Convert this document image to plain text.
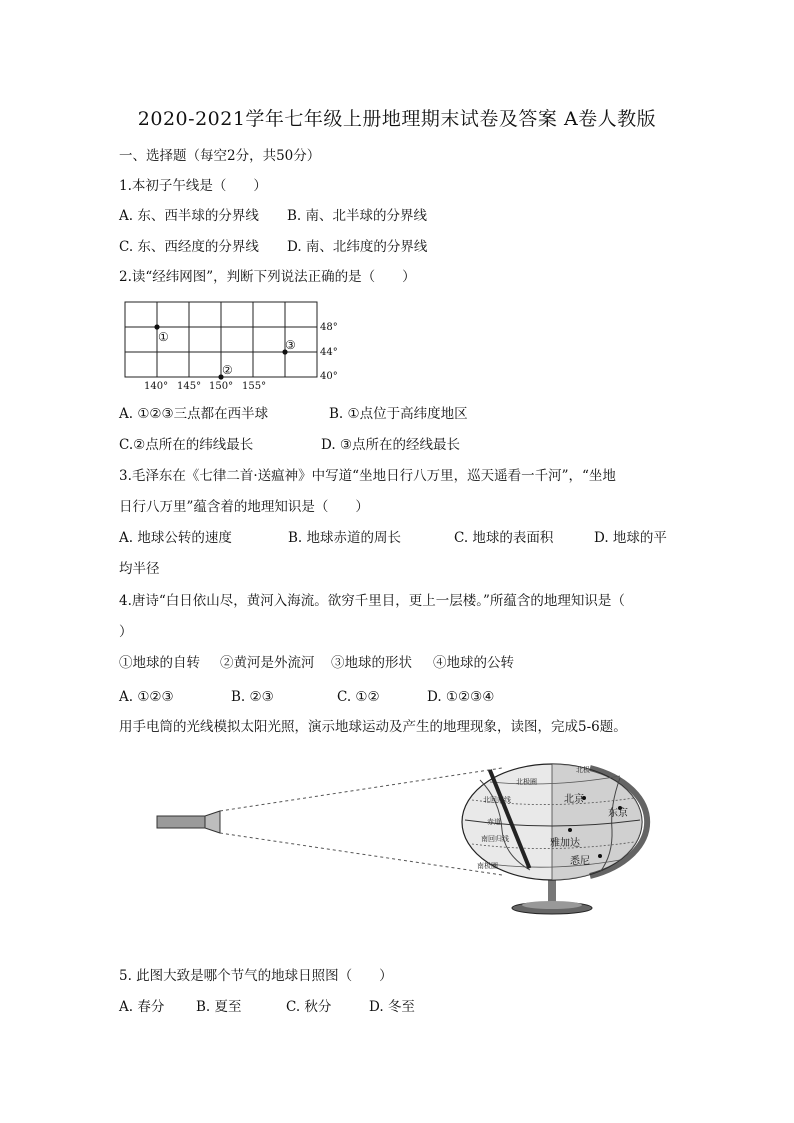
2020-2021学年七年级上册地理期末试卷及答案 A卷人教版
一、选择题（每空2分，共50分）
1.本初子午线是（　　）
A. 东、西半球的分界线 B. 南、北半球的分界线
C. 东、西经度的分界线 D. 南、北纬度的分界线
2.读“经纬网图”，判断下列说法正确的是（　　）
①
②
③
48°
44°
40°
140° 145° 150° 155°
A. ①②③三点都在西半球	B. ①点位于高纬度地区
C.②点所在的纬线最长	D. ③点所在的经线最长
3.毛泽东在《七律二首·送瘟神》中写道“坐地日行八万里，巡天遥看一千河”，“坐地
日行八万里”蕴含着的地理知识是（　　）
A. 地球公转的速度	B. 地球赤道的周长	C. 地球的表面积	D. 地球的平
均半径
4.唐诗“白日依山尽，黄河入海流。欲穷千里目，更上一层楼。”所蕴含的地理知识是（
）
①地球的自转 ②黄河是外流河 ③地球的形状 ④地球的公转
A. ①②③	B. ②③	C. ①②	D. ①②③④
用手电筒的光线模拟太阳光照，演示地球运动及产生的地理现象，读图，完成5-6题。
北极
北极圈
北京
东京
北回归线
赤道
雅加达
南回归线
悉尼
南极圈
5. 此图大致是哪个节气的地球日照图（　　）
A. 春分 B. 夏至	C. 秋分	D. 冬至
